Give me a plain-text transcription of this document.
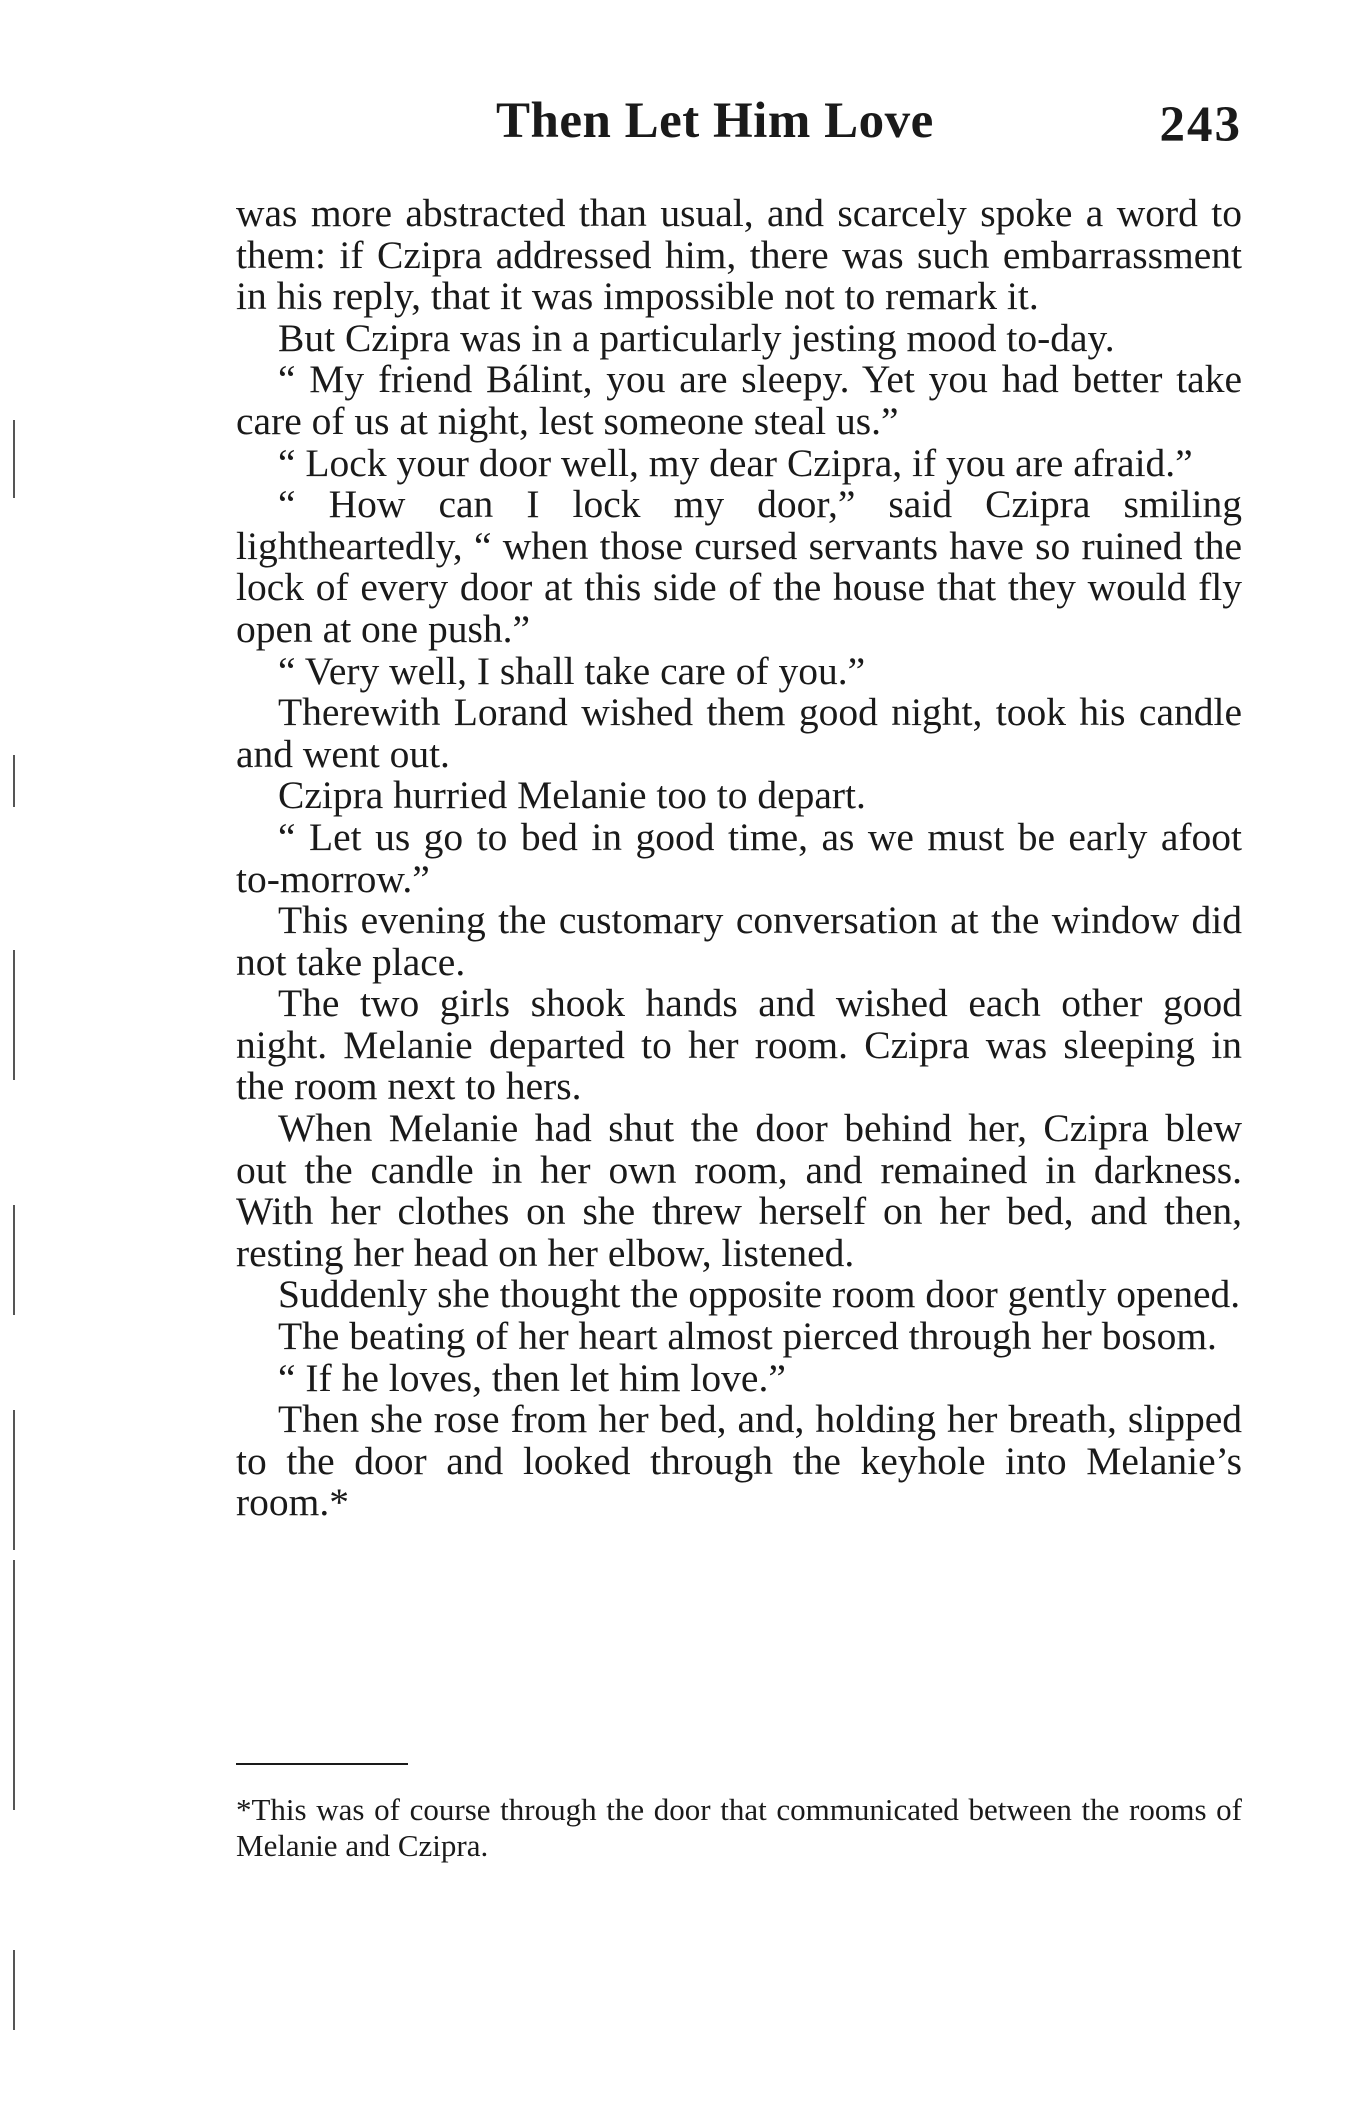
Then Let Him Love	243

was more abstracted than usual, and scarcely spoke a word to them: if Czipra addressed him, there was such embarrassment in his reply, that it was impossible not to remark it.

But Czipra was in a particularly jesting mood to-day.

“ My friend Bálint, you are sleepy. Yet you had better take care of us at night, lest someone steal us.”

“ Lock your door well, my dear Czipra, if you are afraid.”

“ How can I lock my door,” said Czipra smiling lightheartedly, “ when those cursed servants have so ruined the lock of every door at this side of the house that they would fly open at one push.”

“ Very well, I shall take care of you.”

Therewith Lorand wished them good night, took his candle and went out.

Czipra hurried Melanie too to depart.

“ Let us go to bed in good time, as we must be early afoot to-morrow.”

This evening the customary conversation at the window did not take place.

The two girls shook hands and wished each other good night. Melanie departed to her room. Czipra was sleeping in the room next to hers.

When Melanie had shut the door behind her, Czipra blew out the candle in her own room, and remained in darkness. With her clothes on she threw herself on her bed, and then, resting her head on her elbow, listened.

Suddenly she thought the opposite room door gently opened.

The beating of her heart almost pierced through her bosom.

“ If he loves, then let him love.”

Then she rose from her bed, and, holding her breath, slipped to the door and looked through the keyhole into Melanie’s room.*

*This was of course through the door that communicated between the rooms of Melanie and Czipra.
